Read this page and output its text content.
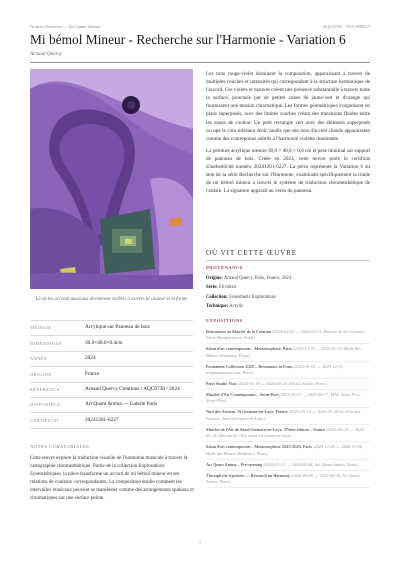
Notices d'œuvres — Art Quam Anima	AQC0730 · NTC-000227
Mi bémol Mineur - Recherche sur l'Harmonie - Variation 6
Arnaud Quercy
Là où les accords musicaux deviennent visibles à travers la couleur et la forme
MÉDIUM	Acrylique sur Panneau de bois
DIMENSIONS	30.0×40.0×0.4cm
ANNÉE	2024
ORIGINE	France
RÉFÉRENCE	Arnaud Quercy Creations / AQC0730 / 2024
DISPONIBLE	Art Quam Anima — Galerie Paris
CERTIFICAT	20241201-0227
NOTES CURATORIALES
Cette œuvre explore la traduction visuelle de l'harmonie musicale à travers la cartographie chromesthétique. Partie de la collection Explorations Synesthétiques, la pièce transforme un accord de mi bémol mineur en ses relations de couleurs correspondantes. La composition étudie comment les intervalles musicaux peuvent se manifester comme des arrangements spatiaux et chromatiques sur une surface peinte.

Les tons rouge-violet dominent la composition, apparaissant à travers de multiples couches et intensités qui correspondent à la structure harmonique de l'accord. Ces violets et mauves créent une présence substantielle à travers toute la surface, ponctuée par de petites zones de jaune-vert et d'orange qui fournissent une tension chromatique. Les formes géométriques s'organisent en plans superposés, avec des limites courbes créant des transitions fluides entre les zones de couleur. Un petit rectangle vert avec des éléments superposés occupe le coin inférieur droit, tandis que des tons d'accent chauds apparaissent comme des contrepoints subtils à l'harmonie violette dominante.

La peinture acrylique mesure 30,0 × 40,0 × 0,4 cm et pèse minimal sur support de panneau de bois. Créée en 2024, cette œuvre porte le certificat d'authenticité numéro 20241201-0227. La pièce représente la Variation 6 au sein de la série Recherche sur l'Harmonie, examinant spécifiquement la triade de mi bémol mineur à travers le système de traduction chromesthétique de l'artiste. La signature apparaît au verso du panneau.

OÙ VIT CETTE ŒUVRE
PROVENANCE
Origine: Arnaud Quercy, Paris, France, 2024
Série: Eb minor
Collection: Synesthetic Explorations
Technique: Acrylic
EXPOSITIONS
Rencontres au Marché de la Création (2024-02-21 → 2026-03-31, Marché de la Création – Paris Montparnasse, Paris)
Salon d'art contemporain – Metamorphose, Paris (2024-12-24 → 2025-01-20, Halle des Blancs Manteaux, Paris)
Permanent Collection 2025 – Resonance in Form (2025-01-01 → 2025-12-31, artquamanima.com, Paris)
Paris Studio Visit (2025-01-18 → 2025-01-24, Artist's Studio, Paris)
Marché d'Art Contemporain – Seine Port (2025-05-17 → 2025-06-17, MAC Seine Port, Seine-Port)
Nuit des Artistes, St Germain-en-Laye, France (2025-05-14 → 2025-05-24, La Nuit des Artistes, Saint-Germain-en-Laye)
Marché de l'Art de Saint-Germain-en-Laye, 57ème édition – France (2025-06-14 → 2025-06-14, Marché de l'Art, Saint-Germain-en-Laye)
Salon d'art contemporain – Metamorphose 2025-2026, Paris (2025-12-26 → 2026-01-06, Halle des Blancs Manteaux, Paris)
Art Quam Anima – Pre-opening (2026-01-31 → 2026-02-08, Art Quam Anima, Paris)
Through the Aperture — Research on Harmony (2026-03-09 → 2026-04-30, Art Quam Anima, Paris)
1
